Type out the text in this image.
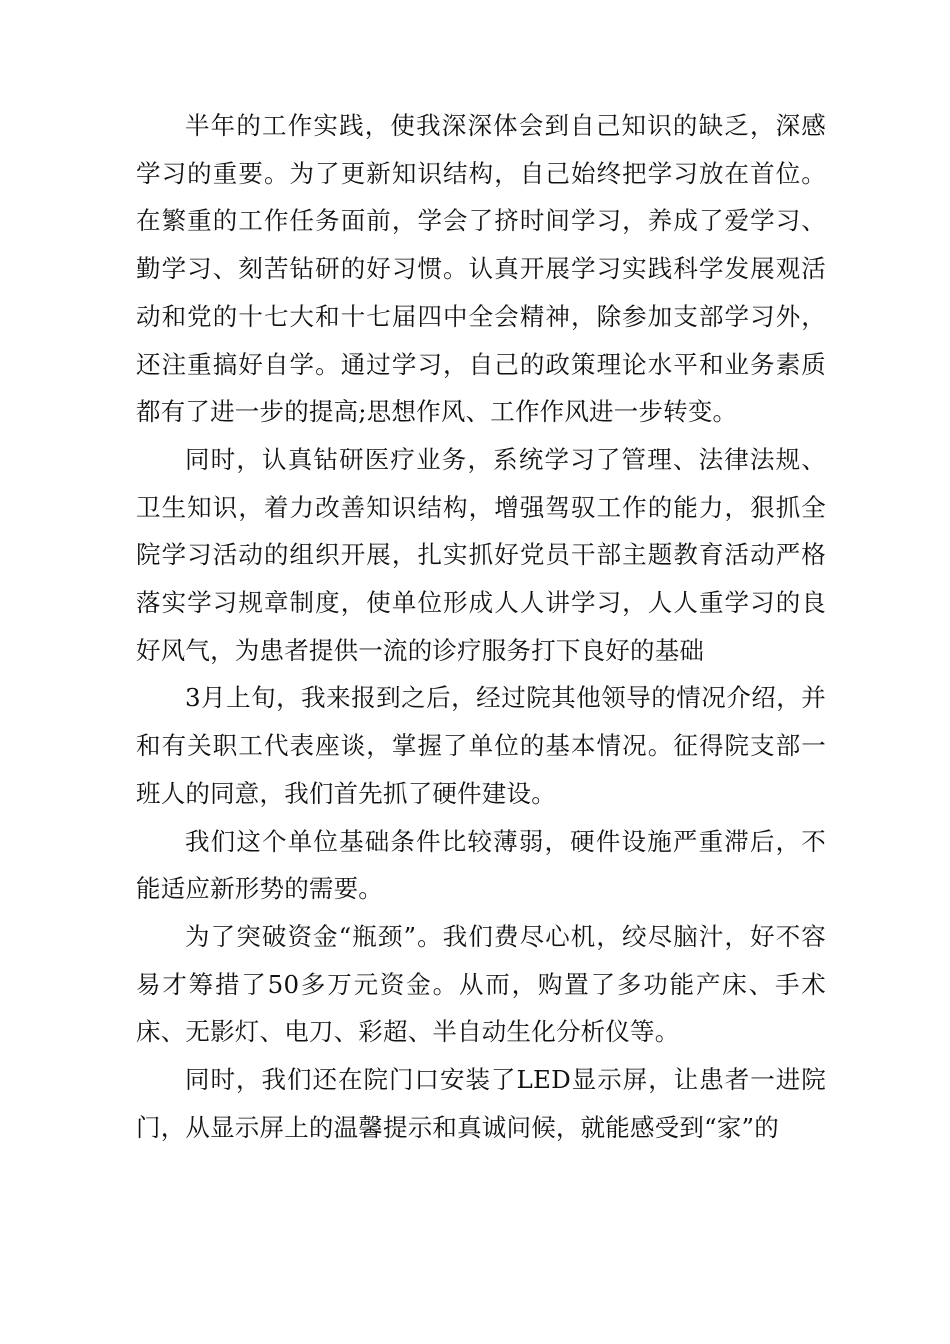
半年的工作实践，使我深深体会到自己知识的缺乏，深感学习的重要。为了更新知识结构，自己始终把学习放在首位。在繁重的工作任务面前，学会了挤时间学习，养成了爱学习、勤学习、刻苦钻研的好习惯。认真开展学习实践科学发展观活动和党的十七大和十七届四中全会精神，除参加支部学习外，还注重搞好自学。通过学习，自己的政策理论水平和业务素质都有了进一步的提高;思想作风、工作作风进一步转变。

同时，认真钻研医疗业务，系统学习了管理、法律法规、卫生知识，着力改善知识结构，增强驾驭工作的能力，狠抓全院学习活动的组织开展，扎实抓好党员干部主题教育活动严格落实学习规章制度，使单位形成人人讲学习，人人重学习的良好风气，为患者提供一流的诊疗服务打下良好的基础

3月上旬，我来报到之后，经过院其他领导的情况介绍，并和有关职工代表座谈，掌握了单位的基本情况。征得院支部一班人的同意，我们首先抓了硬件建设。

我们这个单位基础条件比较薄弱，硬件设施严重滞后，不能适应新形势的需要。

为了突破资金“瓶颈”。我们费尽心机，绞尽脑汁，好不容易才筹措了50多万元资金。从而，购置了多功能产床、手术床、无影灯、电刀、彩超、半自动生化分析仪等。

同时，我们还在院门口安装了LED显示屏，让患者一进院门，从显示屏上的温馨提示和真诚问候，就能感受到“家”的
